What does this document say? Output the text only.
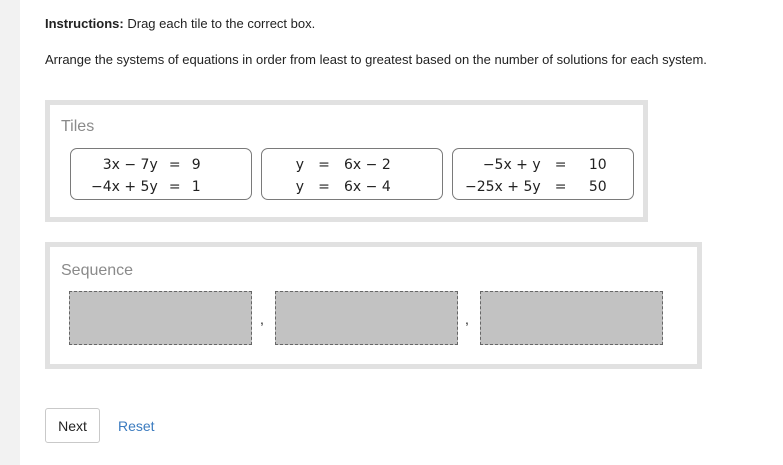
Instructions: Drag each tile to the correct box.
Arrange the systems of equations in order from least to greatest based on the number of solutions for each system.
Tiles
3x − 7y	=	9
−4x + 5y	=	1
y	=	6x − 2
y	=	6x − 4
−5x + y	=	10
−25x + 5y	=	50
Sequence
,	,
Next	Reset
